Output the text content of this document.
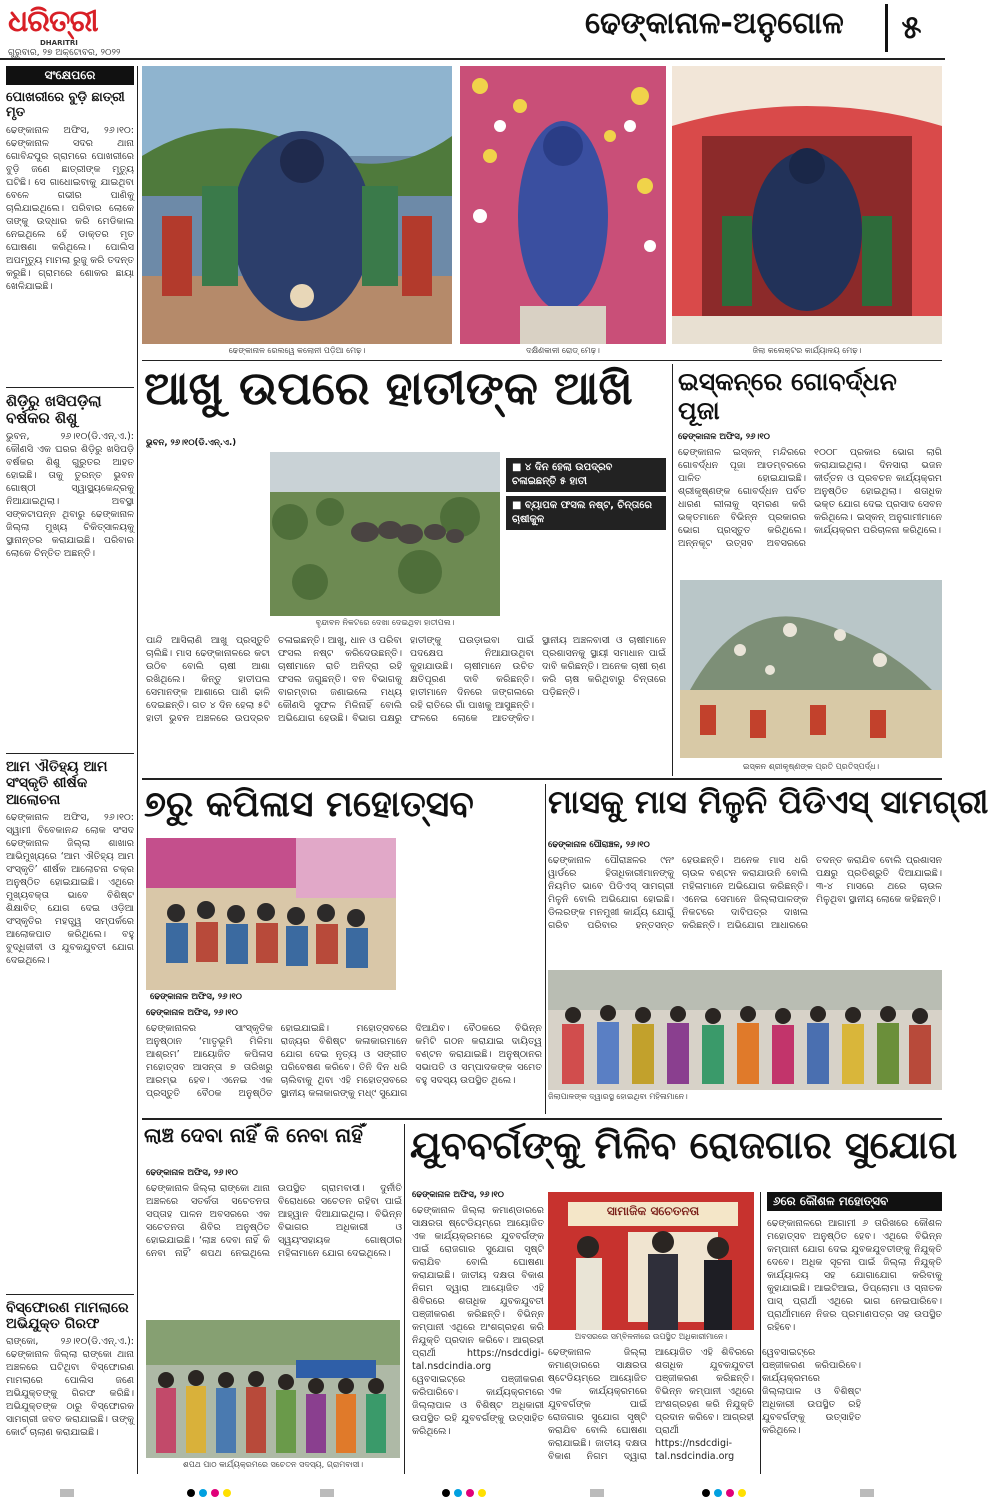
ଧରିତ୍ରୀ
DHARITRI
ଗୁରୁବାର, ୨୭ ଅକ୍ଟୋବର, ୨୦୨୨
ଢେଙ୍କାନାଳ-ଅନୁଗୋଳ	୫
ସଂକ୍ଷେପରେ
ପୋଖରୀରେ ବୁଡ଼ି ଛାତ୍ରୀ ମୃତ
ଢେଙ୍କାନାଳ ଅଫିସ, ୨୬।୧୦: ଢେଙ୍କାନାଳ ସଦର ଥାନା ଗୋବିନ୍ଦପୁର ଗ୍ରାମରେ ପୋଖରୀରେ ବୁଡ଼ି ଜଣେ ଛାତ୍ରୀଙ୍କ ମୃତ୍ୟୁ ଘଟିଛି। ସେ ଗାଧୋଇବାକୁ ଯାଇଥିବା ବେଳେ ଗଭୀର ପାଣିକୁ ଚାଲିଯାଇଥିଲେ। ପରିବାର ଲୋକେ ତାଙ୍କୁ ଉଦ୍ଧାର କରି ମେଡିକାଲ ନେଇଥିଲେ ହେଁ ଡାକ୍ତର ମୃତ ଘୋଷଣା କରିଥିଲେ। ପୋଲିସ ଅପମୃତ୍ୟୁ ମାମଲା ରୁଜୁ କରି ତଦନ୍ତ କରୁଛି। ଗ୍ରାମରେ ଶୋକର ଛାୟା ଖେଳିଯାଇଛି।
ଶିଡ଼ିରୁ ଖସିପଡ଼ିଲା ବର୍ଷକର ଶିଶୁ
ଭୁବନ, ୨୬।୧୦(ଡି.ଏନ୍.ଏ.): କୌଣସି ଏକ ଘରର ଶିଡ଼ିରୁ ଖସିପଡ଼ି ବର୍ଷକର ଶିଶୁ ଗୁରୁତର ଆହତ ହୋଇଛି। ତାକୁ ତୁରନ୍ତ ଭୁବନ ଗୋଷ୍ଠୀ ସ୍ୱାସ୍ଥ୍ୟକେନ୍ଦ୍ରକୁ ନିଆଯାଇଥିଲା। ଅବସ୍ଥା ସଙ୍କଟାପନ୍ନ ଥିବାରୁ ଢେଙ୍କାନାଳ ଜିଲ୍ଲା ମୁଖ୍ୟ ଚିକିତ୍ସାଳୟକୁ ସ୍ଥାନାନ୍ତର କରାଯାଇଛି। ପରିବାର ଲୋକେ ଚିନ୍ତିତ ଅଛନ୍ତି।
ଆମ ଐତିହ୍ୟ ଆମ ସଂସ୍କୃତି ଶୀର୍ଷକ ଆଲୋଚନା
ଢେଙ୍କାନାଳ ଅଫିସ, ୨୬।୧୦: ସ୍ୱାମୀ ବିବେକାନନ୍ଦ ଲୋକ ସଂସଦ ଢେଙ୍କାନାଳ ଜିଲ୍ଲା ଶାଖାର ଆଭିମୁଖ୍ୟରେ ‘ଆମ ଐତିହ୍ୟ ଆମ ସଂସ୍କୃତି’ ଶୀର୍ଷକ ଆଲୋଚନା ଚକ୍ର ଅନୁଷ୍ଠିତ ହୋଇଯାଇଛି। ଏଥିରେ ମୁଖ୍ୟବକ୍ତା ଭାବେ ବିଶିଷ୍ଟ ଶିକ୍ଷାବିତ୍ ଯୋଗ ଦେଇ ଓଡ଼ିଆ ସଂସ୍କୃତିର ମହତ୍ତ୍ୱ ସମ୍ପର୍କରେ ଆଲୋକପାତ କରିଥିଲେ। ବହୁ ବୁଦ୍ଧିଜୀବୀ ଓ ଯୁବକଯୁବତୀ ଯୋଗ ଦେଇଥିଲେ।
ବିସ୍ଫୋରଣ ମାମଲାରେ ଅଭିଯୁକ୍ତ ଗିରଫ
ରାଙ୍କୋ, ୨୬।୧୦(ଡି.ଏନ୍.ଏ.): ଢେଙ୍କାନାଳ ଜିଲ୍ଲା ରାଙ୍କୋ ଥାନା ଅଞ୍ଚଳରେ ଘଟିଥିବା ବିସ୍ଫୋରଣ ମାମଲାରେ ପୋଲିସ ଜଣେ ଅଭିଯୁକ୍ତଙ୍କୁ ଗିରଫ କରିଛି। ଅଭିଯୁକ୍ତଙ୍କ ଠାରୁ ବିସ୍ଫୋରକ ସାମଗ୍ରୀ ଜବତ କରାଯାଇଛି। ତାଙ୍କୁ କୋର୍ଟ ଚାଲାଣ କରାଯାଇଛି।
ଢେଙ୍କାନାଳ ରେଲୱେ କଲୋନୀ ପଡ଼ିଆ ମେଢ଼।	ଦକ୍ଷିଣକାଳୀ ରୋଡ୍ ମେଢ଼।	ଜିଲା କଲେକ୍ଟର କାର୍ଯ୍ୟାଳୟ ମେଢ଼।
ଆଖୁ ଉପରେ ହାତୀଙ୍କ ଆଖି
ଭୁବନ, ୨୬।୧୦(ଡି.ଏନ୍.ଏ.)
ବୃନ୍ଦାବନ ନିକଟରେ ଦେଖା ଦେଇଥିବା ହାତୀପଲ।
■ ୪ ଦିନ ହେଲା ଉପଦ୍ରବ ଚଳାଇଛନ୍ତି ୫ ହାତୀ
■ ବ୍ୟାପକ ଫସଲ ନଷ୍ଟ, ଚିନ୍ତାରେ ଚାଷୀକୁଳ
ପାନ୍ଦି ଆସିଲାଣି ଆଖୁ ପ୍ରସ୍ତୁତି ଚାଲିଛି। ମାସ ଢେଙ୍କାନାଳରେ କଟା ଉଠିବ ବୋଲି ଚାଷୀ ଆଶା ରଖିଥିଲେ। କିନ୍ତୁ ହାତୀପଲ ସେମାନଙ୍କ ଆଶାରେ ପାଣି ଢାଳି ଦେଇଛନ୍ତି। ଗତ ୪ ଦିନ ହେଲା ୫ଟି ହାତୀ ଭୁବନ ଅଞ୍ଚଳରେ ଉପଦ୍ରବ ଚଳାଇଛନ୍ତି। ଆଖୁ, ଧାନ ଓ ପରିବା ଫସଲ ନଷ୍ଟ କରିଦେଉଛନ୍ତି। ଚାଷୀମାନେ ରାତି ଅନିଦ୍ରା ରହି ଫସଲ ଜଗୁଛନ୍ତି। ବନ ବିଭାଗକୁ ବାରମ୍ବାର ଜଣାଇଲେ ମଧ୍ୟ କୌଣସି ସୁଫଳ ମିଳିନାହିଁ ବୋଲି ଅଭିଯୋଗ ହେଉଛି। ବିଭାଗ ପକ୍ଷରୁ ହାତୀଙ୍କୁ ଘଉଡ଼ାଇବା ପାଇଁ ପଦକ୍ଷେପ ନିଆଯାଉଥିବା କୁହାଯାଉଛି। ଚାଷୀମାନେ ଉଚିତ କ୍ଷତିପୂରଣ ଦାବି କରିଛନ୍ତି। ହାତୀମାନେ ଦିନରେ ଜଙ୍ଗଲରେ ରହି ରାତିରେ ଗାଁ ପାଖକୁ ଆସୁଛନ୍ତି। ଫଳରେ ଲୋକେ ଆତଙ୍କିତ। ସ୍ଥାନୀୟ ଅଞ୍ଚଳବାସୀ ଓ ଚାଷୀମାନେ ପ୍ରଶାସନକୁ ସ୍ଥାୟୀ ସମାଧାନ ପାଇଁ ଦାବି କରିଛନ୍ତି। ଅନେକ ଚାଷୀ ଋଣ କରି ଚାଷ କରିଥିବାରୁ ଚିନ୍ତାରେ ପଡ଼ିଛନ୍ତି।
ଇସ୍କନ୍‌ରେ ଗୋବର୍ଦ୍ଧନ ପୂଜା
ଢେଙ୍କାନାଳ ଅଫିସ, ୨୬।୧୦
ଢେଙ୍କାନାଳ ଇସ୍କନ୍ ମନ୍ଦିରରେ ଗୋବର୍ଦ୍ଧନ ପୂଜା ଆଡମ୍ବରରେ ପାଳିତ ହୋଇଯାଇଛି। ଶ୍ରୀକୃଷ୍ଣଙ୍କ ଗୋବର୍ଦ୍ଧନ ପର୍ବତ ଧାରଣ ଲୀଳାକୁ ସ୍ମରଣ କରି ଭକ୍ତମାନେ ବିଭିନ୍ନ ପ୍ରକାରର ଭୋଗ ପ୍ରସ୍ତୁତ କରିଥିଲେ। ଅନ୍ନକୂଟ ଉତ୍ସବ ଅବସରରେ ୧୦୦୮ ପ୍ରକାର ଭୋଗ ଲାଗି କରାଯାଇଥିଲା। ଦିନସାରା ଭଜନ କୀର୍ତ୍ତନ ଓ ପ୍ରବଚନ କାର୍ଯ୍ୟକ୍ରମ ଅନୁଷ୍ଠିତ ହୋଇଥିଲା। ଶତାଧିକ ଭକ୍ତ ଯୋଗ ଦେଇ ପ୍ରସାଦ ସେବନ କରିଥିଲେ। ଇସ୍କନ୍ ଅନୁଗାମୀମାନେ କାର୍ଯ୍ୟକ୍ରମ ପରିଚାଳନା କରିଥିଲେ।
ଇସ୍କନ ଶ୍ରୀକୃଷ୍ଣଙ୍କ ପ୍ରତି ପ୍ରତିସ୍ପର୍ଦ୍ଧ।
୭ରୁ କପିଳାସ ମହୋତ୍ସବ
ଢେଙ୍କାନାଳ ଅଫିସ, ୨୬।୧୦
ଢେଙ୍କାନାଳ ଅଫିସ, ୨୬।୧୦
ଢେଙ୍କାନାଳର ସାଂସ୍କୃତିକ ଅନୁଷ୍ଠାନ ‘ମାତୃଭୂମି ମିଳିମା ଆଶ୍ରମ’ ଆୟୋଜିତ କପିଳାସ ମହୋତ୍ସବ ଆସନ୍ତା ୭ ତାରିଖରୁ ଆରମ୍ଭ ହେବ। ଏନେଇ ଏକ ପ୍ରସ୍ତୁତି ବୈଠକ ଅନୁଷ୍ଠିତ ହୋଇଯାଇଛି। ମହୋତ୍ସବରେ ରାଜ୍ୟର ବିଶିଷ୍ଟ କଳାକାରମାନେ ଯୋଗ ଦେଇ ନୃତ୍ୟ ଓ ସଙ୍ଗୀତ ପରିବେଷଣ କରିବେ। ତିନି ଦିନ ଧରି ଚାଲିବାକୁ ଥିବା ଏହି ମହୋତ୍ସବରେ ସ୍ଥାନୀୟ କଳାକାରଙ୍କୁ ମଧ୍୯ ସୁଯୋଗ ଦିଆଯିବ। ବୈଠକରେ ବିଭିନ୍ନ କମିଟି ଗଠନ କରାଯାଇ ଦାୟିତ୍ୱ ବଣ୍ଟନ କରାଯାଇଛି। ଅନୁଷ୍ଠାନର ସଭାପତି ଓ ସମ୍ପାଦକଙ୍କ ସମେତ ବହୁ ସଦସ୍ୟ ଉପସ୍ଥିତ ଥିଲେ।
ମାସକୁ ମାସ ମିଳୁନି ପିଡିଏସ୍ ସାମଗ୍ରୀ
ଢେଙ୍କାନାଳ ପୌରାଞ୍ଚଳ, ୨୬।୧୦
ଢେଙ୍କାନାଳ ପୌରାଞ୍ଚଳର ୯ନଂ ୱାର୍ଡରେ ହିତାଧିକାରୀମାନଙ୍କୁ ନିୟମିତ ଭାବେ ପିଡିଏସ୍ ସାମଗ୍ରୀ ମିଳୁନି ବୋଲି ଅଭିଯୋଗ ହୋଇଛି। ଡିଲରଙ୍କ ମନମୁଖୀ କାର୍ଯ୍ୟ ଯୋଗୁଁ ଗରିବ ପରିବାର ହନ୍ତସନ୍ତ ହେଉଛନ୍ତି। ଅନେକ ମାସ ଧରି ଚାଉଳ ବଣ୍ଟନ କରାଯାଉନି ବୋଲି ମହିଳାମାନେ ଅଭିଯୋଗ କରିଛନ୍ତି। ଏନେଇ ସେମାନେ ଜିଲ୍ଲାପାଳଙ୍କ ନିକଟରେ ଦାବିପତ୍ର ଦାଖଲ କରିଛନ୍ତି। ଅଭିଯୋଗ ଆଧାରରେ ତଦନ୍ତ କରାଯିବ ବୋଲି ପ୍ରଶାସନ ପକ୍ଷରୁ ପ୍ରତିଶ୍ରୁତି ଦିଆଯାଇଛି। ୩-୪ ମାସରେ ଥରେ ଚାଉଳ ମିଳୁଥିବା ସ୍ଥାନୀୟ ଲୋକେ କହିଛନ୍ତି।
ଜିଲାପାଳଙ୍କ ଦ୍ୱାରସ୍ଥ ହୋଇଥିବା ମହିଳାମାନେ।
ଲାଞ୍ଚ ଦେବା ନାହିଁ କି ନେବା ନାହିଁ
ଢେଙ୍କାନାଳ ଅଫିସ, ୨୬।୧୦
ଢେଙ୍କାନାଳ ଜିଲ୍ଲା ରାଙ୍କୋ ଥାନା ଅଞ୍ଚଳରେ ସତର୍କତା ସଚେତନତା ସପ୍ତାହ ପାଳନ ଅବସରରେ ଏକ ସଚେତନତା ଶିବିର ଅନୁଷ୍ଠିତ ହୋଇଯାଇଛି। ‘ଲାଞ୍ଚ ଦେବା ନାହିଁ କି ନେବା ନାହିଁ’ ଶପଥ ନେଇଥିଲେ ଉପସ୍ଥିତ ଗ୍ରାମବାସୀ। ଦୁର୍ନୀତି ବିରୋଧରେ ସଚେତନ ରହିବା ପାଇଁ ଆହ୍ୱାନ ଦିଆଯାଇଥିଲା। ବିଭିନ୍ନ ବିଭାଗର ଅଧିକାରୀ ଓ ସ୍ୱୟଂସହାୟକ ଗୋଷ୍ଠୀର ମହିଳାମାନେ ଯୋଗ ଦେଇଥିଲେ।
ଶପଥ ପାଠ କାର୍ଯ୍ୟକ୍ରମରେ ସଚେତନ ସଦସ୍ୟ, ଗ୍ରାମବାସୀ।
ଯୁବବର୍ଗଙ୍କୁ ମିଳିବ ରୋଜଗାର ସୁଯୋଗ
ଢେଙ୍କାନାଳ ଅଫିସ, ୨୬।୧୦
ଢେଙ୍କାନାଳ ଜିଲ୍ଲା କମାଣ୍ଡାରରେ ସାକ୍ଷରତା ଷ୍ଟେଡିୟମ୍‌ରେ ଆୟୋଜିତ ଏକ କାର୍ଯ୍ୟକ୍ରମରେ ଯୁବବର୍ଗଙ୍କ ପାଇଁ ରୋଜଗାର ସୁଯୋଗ ସୃଷ୍ଟି କରାଯିବ ବୋଲି ଘୋଷଣା କରାଯାଇଛି। ଜାତୀୟ ଦକ୍ଷତା ବିକାଶ ନିଗମ ଦ୍ୱାରା ଆୟୋଜିତ ଏହି ଶିବିରରେ ଶତାଧିକ ଯୁବକଯୁବତୀ ପଞ୍ଜୀକରଣ କରିଛନ୍ତି। ବିଭିନ୍ନ କମ୍ପାନୀ ଏଥିରେ ଅଂଶଗ୍ରହଣ କରି ନିଯୁକ୍ତି ପ୍ରଦାନ କରିବେ। ଆଗ୍ରହୀ ପ୍ରାର୍ଥୀ https://nsdcdigi-tal.nsdcindia.org ୱେବସାଇଟ୍‌ରେ ପଞ୍ଜୀକରଣ କରିପାରିବେ। କାର୍ଯ୍ୟକ୍ରମରେ ଜିଲ୍ଲାପାଳ ଓ ବିଶିଷ୍ଟ ଅଧିକାରୀ ଉପସ୍ଥିତ ରହି ଯୁବବର୍ଗଙ୍କୁ ଉତ୍ସାହିତ କରିଥିଲେ।
ସାମାଜିକ ସଚେତନତା
ଅବସରରେ ସମ୍ବିଳନୀରେ ଉପସ୍ଥିତ ଅଧିକାରୀମାନେ।
ଢେଙ୍କାନାଳ ଜିଲ୍ଲା କମାଣ୍ଡାରରେ ସାକ୍ଷରତା ଷ୍ଟେଡିୟମ୍‌ରେ ଆୟୋଜିତ ଏକ କାର୍ଯ୍ୟକ୍ରମରେ ଯୁବବର୍ଗଙ୍କ ପାଇଁ ରୋଜଗାର ସୁଯୋଗ ସୃଷ୍ଟି କରାଯିବ ବୋଲି ଘୋଷଣା କରାଯାଇଛି। ଜାତୀୟ ଦକ୍ଷତା ବିକାଶ ନିଗମ ଦ୍ୱାରା ଆୟୋଜିତ ଏହି ଶିବିରରେ ଶତାଧିକ ଯୁବକଯୁବତୀ ପଞ୍ଜୀକରଣ କରିଛନ୍ତି। ବିଭିନ୍ନ କମ୍ପାନୀ ଏଥିରେ ଅଂଶଗ୍ରହଣ କରି ନିଯୁକ୍ତି ପ୍ରଦାନ କରିବେ। ଆଗ୍ରହୀ ପ୍ରାର୍ଥୀ https://nsdcdigi-tal.nsdcindia.org ୱେବସାଇଟ୍‌ରେ ପଞ୍ଜୀକରଣ କରିପାରିବେ। କାର୍ଯ୍ୟକ୍ରମରେ ଜିଲ୍ଲାପାଳ ଓ ବିଶିଷ୍ଟ ଅଧିକାରୀ ଉପସ୍ଥିତ ରହି ଯୁବବର୍ଗଙ୍କୁ ଉତ୍ସାହିତ କରିଥିଲେ।
୬ରେ କୌଶଳ ମହୋତ୍ସବ
ଢେଙ୍କାନାଳରେ ଆଗାମୀ ୬ ତାରିଖରେ କୌଶଳ ମହୋତ୍ସବ ଅନୁଷ୍ଠିତ ହେବ। ଏଥିରେ ବିଭିନ୍ନ କମ୍ପାନୀ ଯୋଗ ଦେଇ ଯୁବକଯୁବତୀଙ୍କୁ ନିଯୁକ୍ତି ଦେବେ। ଅଧିକ ସୂଚନା ପାଇଁ ଜିଲ୍ଲା ନିଯୁକ୍ତି କାର୍ଯ୍ୟାଳୟ ସହ ଯୋଗାଯୋଗ କରିବାକୁ କୁହାଯାଇଛି। ଆଇଟିଆଇ, ଡିପ୍ଲୋମା ଓ ସ୍ନାତକ ପାସ୍ ପ୍ରାର୍ଥୀ ଏଥିରେ ଭାଗ ନେଇପାରିବେ। ପ୍ରାର୍ଥୀମାନେ ନିଜର ପ୍ରମାଣପତ୍ର ସହ ଉପସ୍ଥିତ ରହିବେ।
